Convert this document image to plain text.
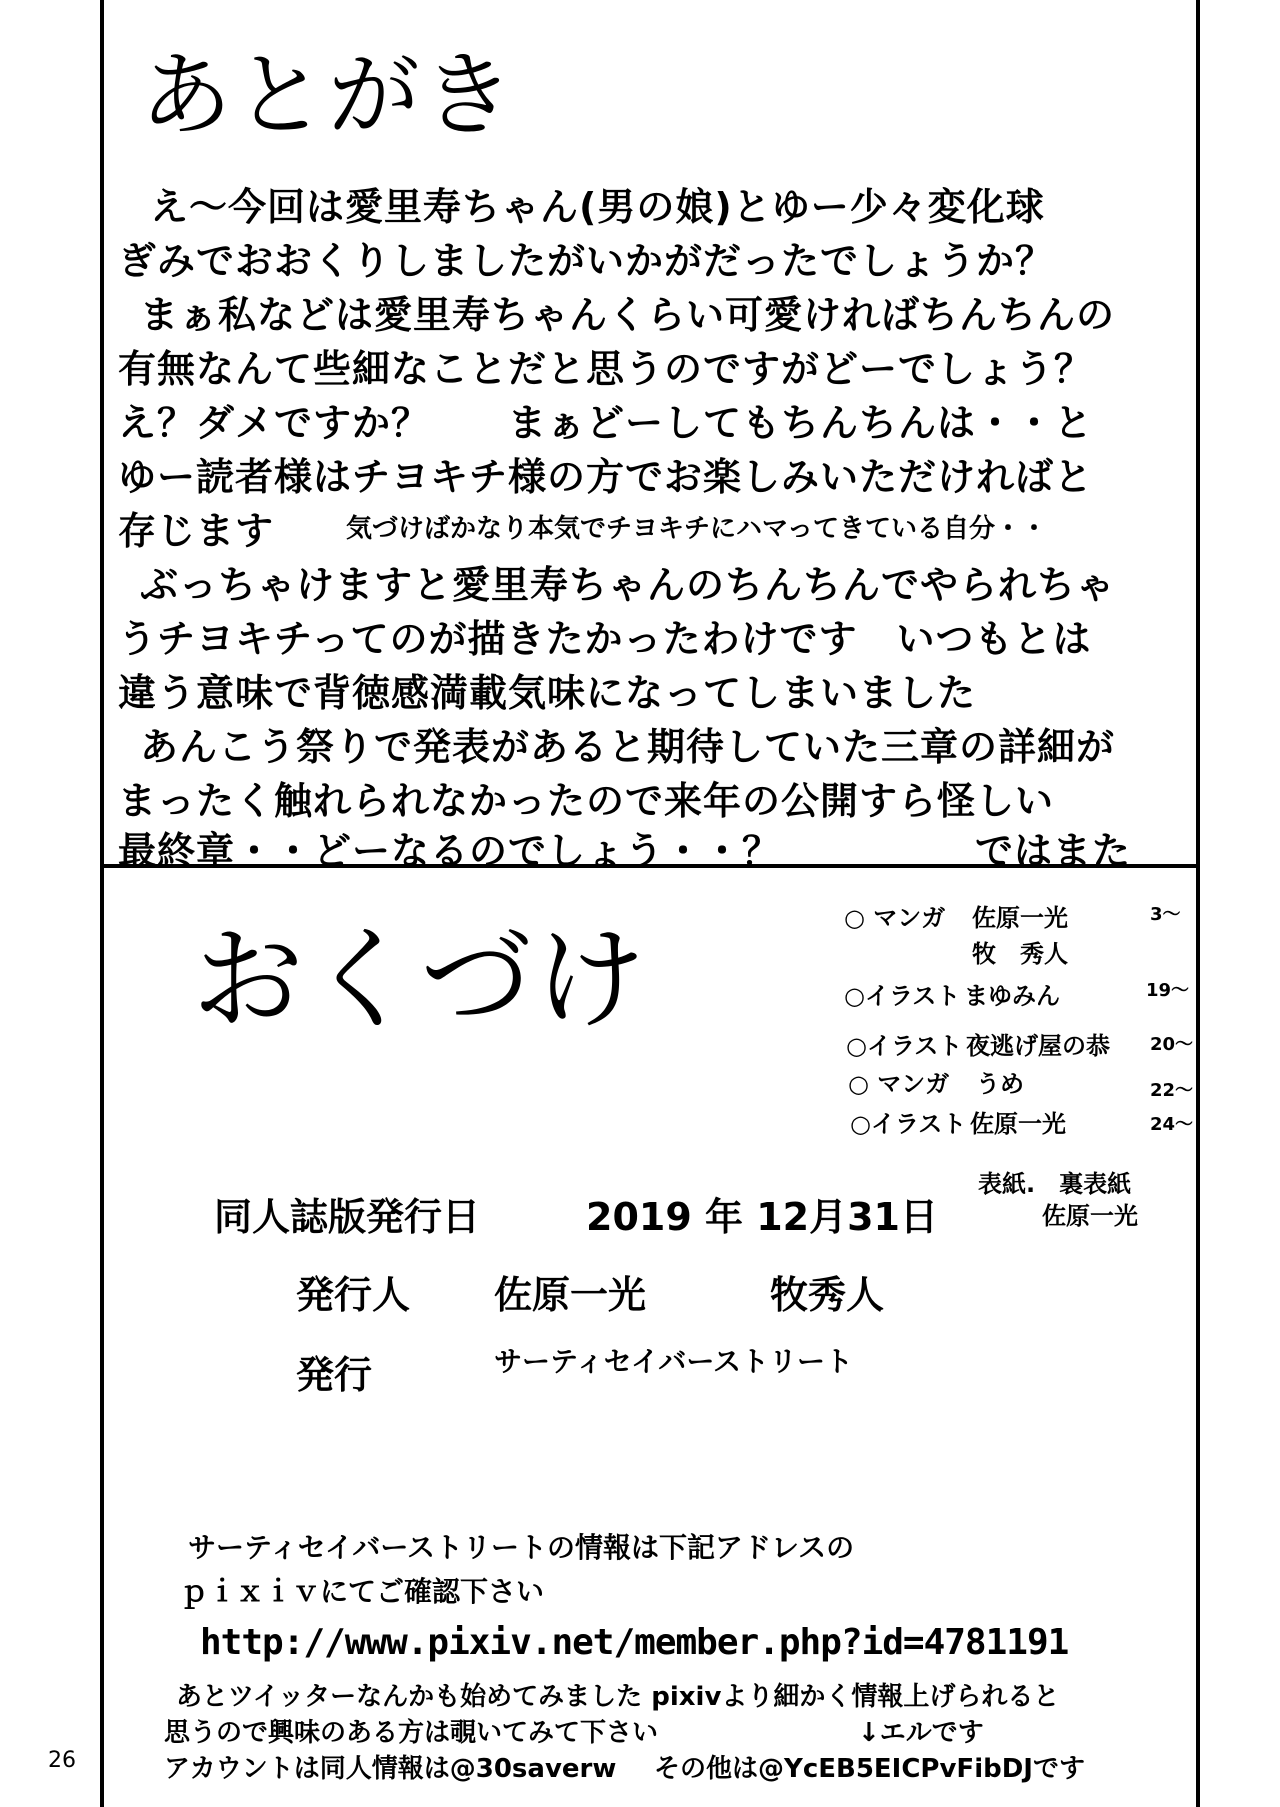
あとがき
え～今回は愛里寿ちゃん(男の娘)とゆー少々変化球
ぎみでおおくりしましたがいかがだったでしょうか？
まぁ私などは愛里寿ちゃんくらい可愛ければちんちんの
有無なんて些細なことだと思うのですがどーでしょう？
え？ダメですか？　　まぁどーしてもちんちんは・・と
ゆー読者様はチヨキチ様の方でお楽しみいただければと
存じます	気づけばかなり本気でチヨキチにハマってきている自分・・
ぶっちゃけますと愛里寿ちゃんのちんちんでやられちゃ
うチヨキチってのが描きたかったわけです　いつもとは
違う意味で背徳感満載気味になってしまいました
あんこう祭りで発表があると期待していた三章の詳細が
まったく触れられなかったので来年の公開すら怪しい
最終章・・どーなるのでしょう・・？	ではまた
おくづけ	○ マンガ 佐原一光	3～
牧　秀人
○イラスト まゆみん	19～
○イラスト 夜逃げ屋の恭 20～
○ マンガ うめ	22～
○イラスト 佐原一光	24～
表紙.　裏表紙
佐原一光
同人誌版発行日	2019 年 12月31日
発行人 佐原一光	牧秀人
発行	サーティセイバーストリート
サーティセイバーストリートの情報は下記アドレスの
ｐｉｘｉｖにてご確認下さい
http://www.pixiv.net/member.php?id=4781191
あとツイッターなんかも始めてみました pixivより細かく情報上げられると
思うので興味のある方は覗いてみて下さい	↓エルです
アカウントは同人情報は@30saverw その他は@YcEB5EICPvFibDJです
26
